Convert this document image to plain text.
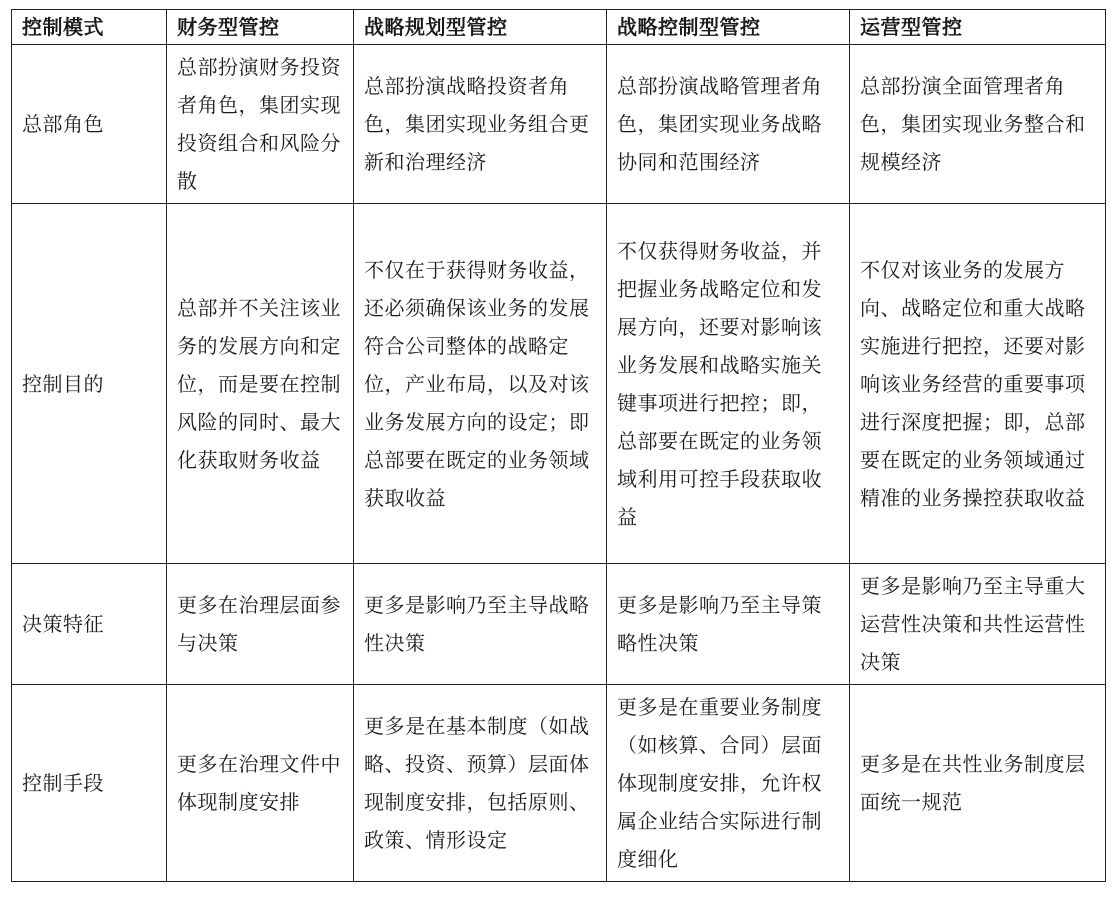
控制模式	财务型管控	战略规划型管控	战略控制型管控	运营型管控
总部角色	总部扮演财务投资者角色，集团实现投资组合和风险分散	总部扮演战略投资者角色，集团实现业务组合更新和治理经济	总部扮演战略管理者角色，集团实现业务战略协同和范围经济	总部扮演全面管理者角色，集团实现业务整合和规模经济
控制目的	总部并不关注该业务的发展方向和定位，而是要在控制风险的同时、最大化获取财务收益	不仅在于获得财务收益，还必须确保该业务的发展符合公司整体的战略定位，产业布局，以及对该业务发展方向的设定；即总部要在既定的业务领域获取收益	不仅获得财务收益，并把握业务战略定位和发展方向，还要对影响该业务发展和战略实施关键事项进行把控；即，总部要在既定的业务领域利用可控手段获取收益	不仅对该业务的发展方向、战略定位和重大战略实施进行把控，还要对影响该业务经营的重要事项进行深度把握；即，总部要在既定的业务领域通过精准的业务操控获取收益
决策特征	更多在治理层面参与决策	更多是影响乃至主导战略性决策	更多是影响乃至主导策略性决策	更多是影响乃至主导重大运营性决策和共性运营性决策
控制手段	更多在治理文件中体现制度安排	更多是在基本制度（如战略、投资、预算）层面体现制度安排，包括原则、政策、情形设定	更多是在重要业务制度（如核算、合同）层面体现制度安排，允许权属企业结合实际进行制度细化	更多是在共性业务制度层面统一规范
